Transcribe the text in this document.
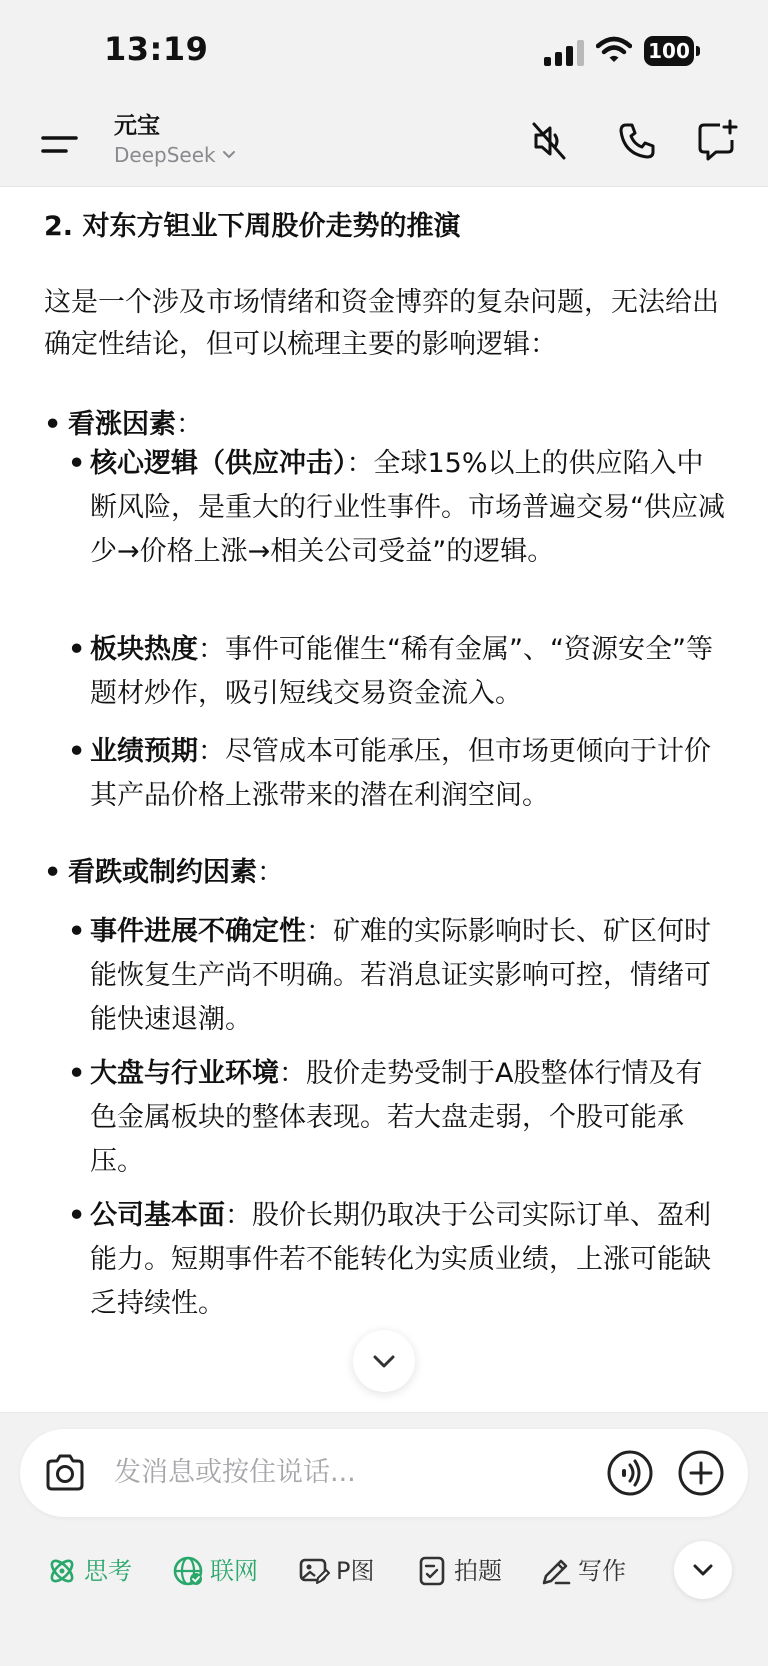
13:19	100
元宝
DeepSeek
2. 对东方钽业下周股价走势的推演
这是一个涉及市场情绪和资金博弈的复杂问题，无法给出确定性结论，但可以梳理主要的影响逻辑：
• 看涨因素：
• 核心逻辑（供应冲击）：全球15%以上的供应陷入中断风险，是重大的行业性事件。市场普遍交易“供应减少→价格上涨→相关公司受益”的逻辑。
• 板块热度：事件可能催生“稀有金属”、“资源安全”等题材炒作，吸引短线交易资金流入。
• 业绩预期：尽管成本可能承压，但市场更倾向于计价其产品价格上涨带来的潜在利润空间。
• 看跌或制约因素：
• 事件进展不确定性：矿难的实际影响时长、矿区何时能恢复生产尚不明确。若消息证实影响可控，情绪可能快速退潮。
• 大盘与行业环境：股价走势受制于A股整体行情及有色金属板块的整体表现。若大盘走弱，个股可能承压。
• 公司基本面：股价长期仍取决于公司实际订单、盈利能力。短期事件若不能转化为实质业绩，上涨可能缺乏持续性。
发消息或按住说话...
思考	联网	P图	拍题	写作
